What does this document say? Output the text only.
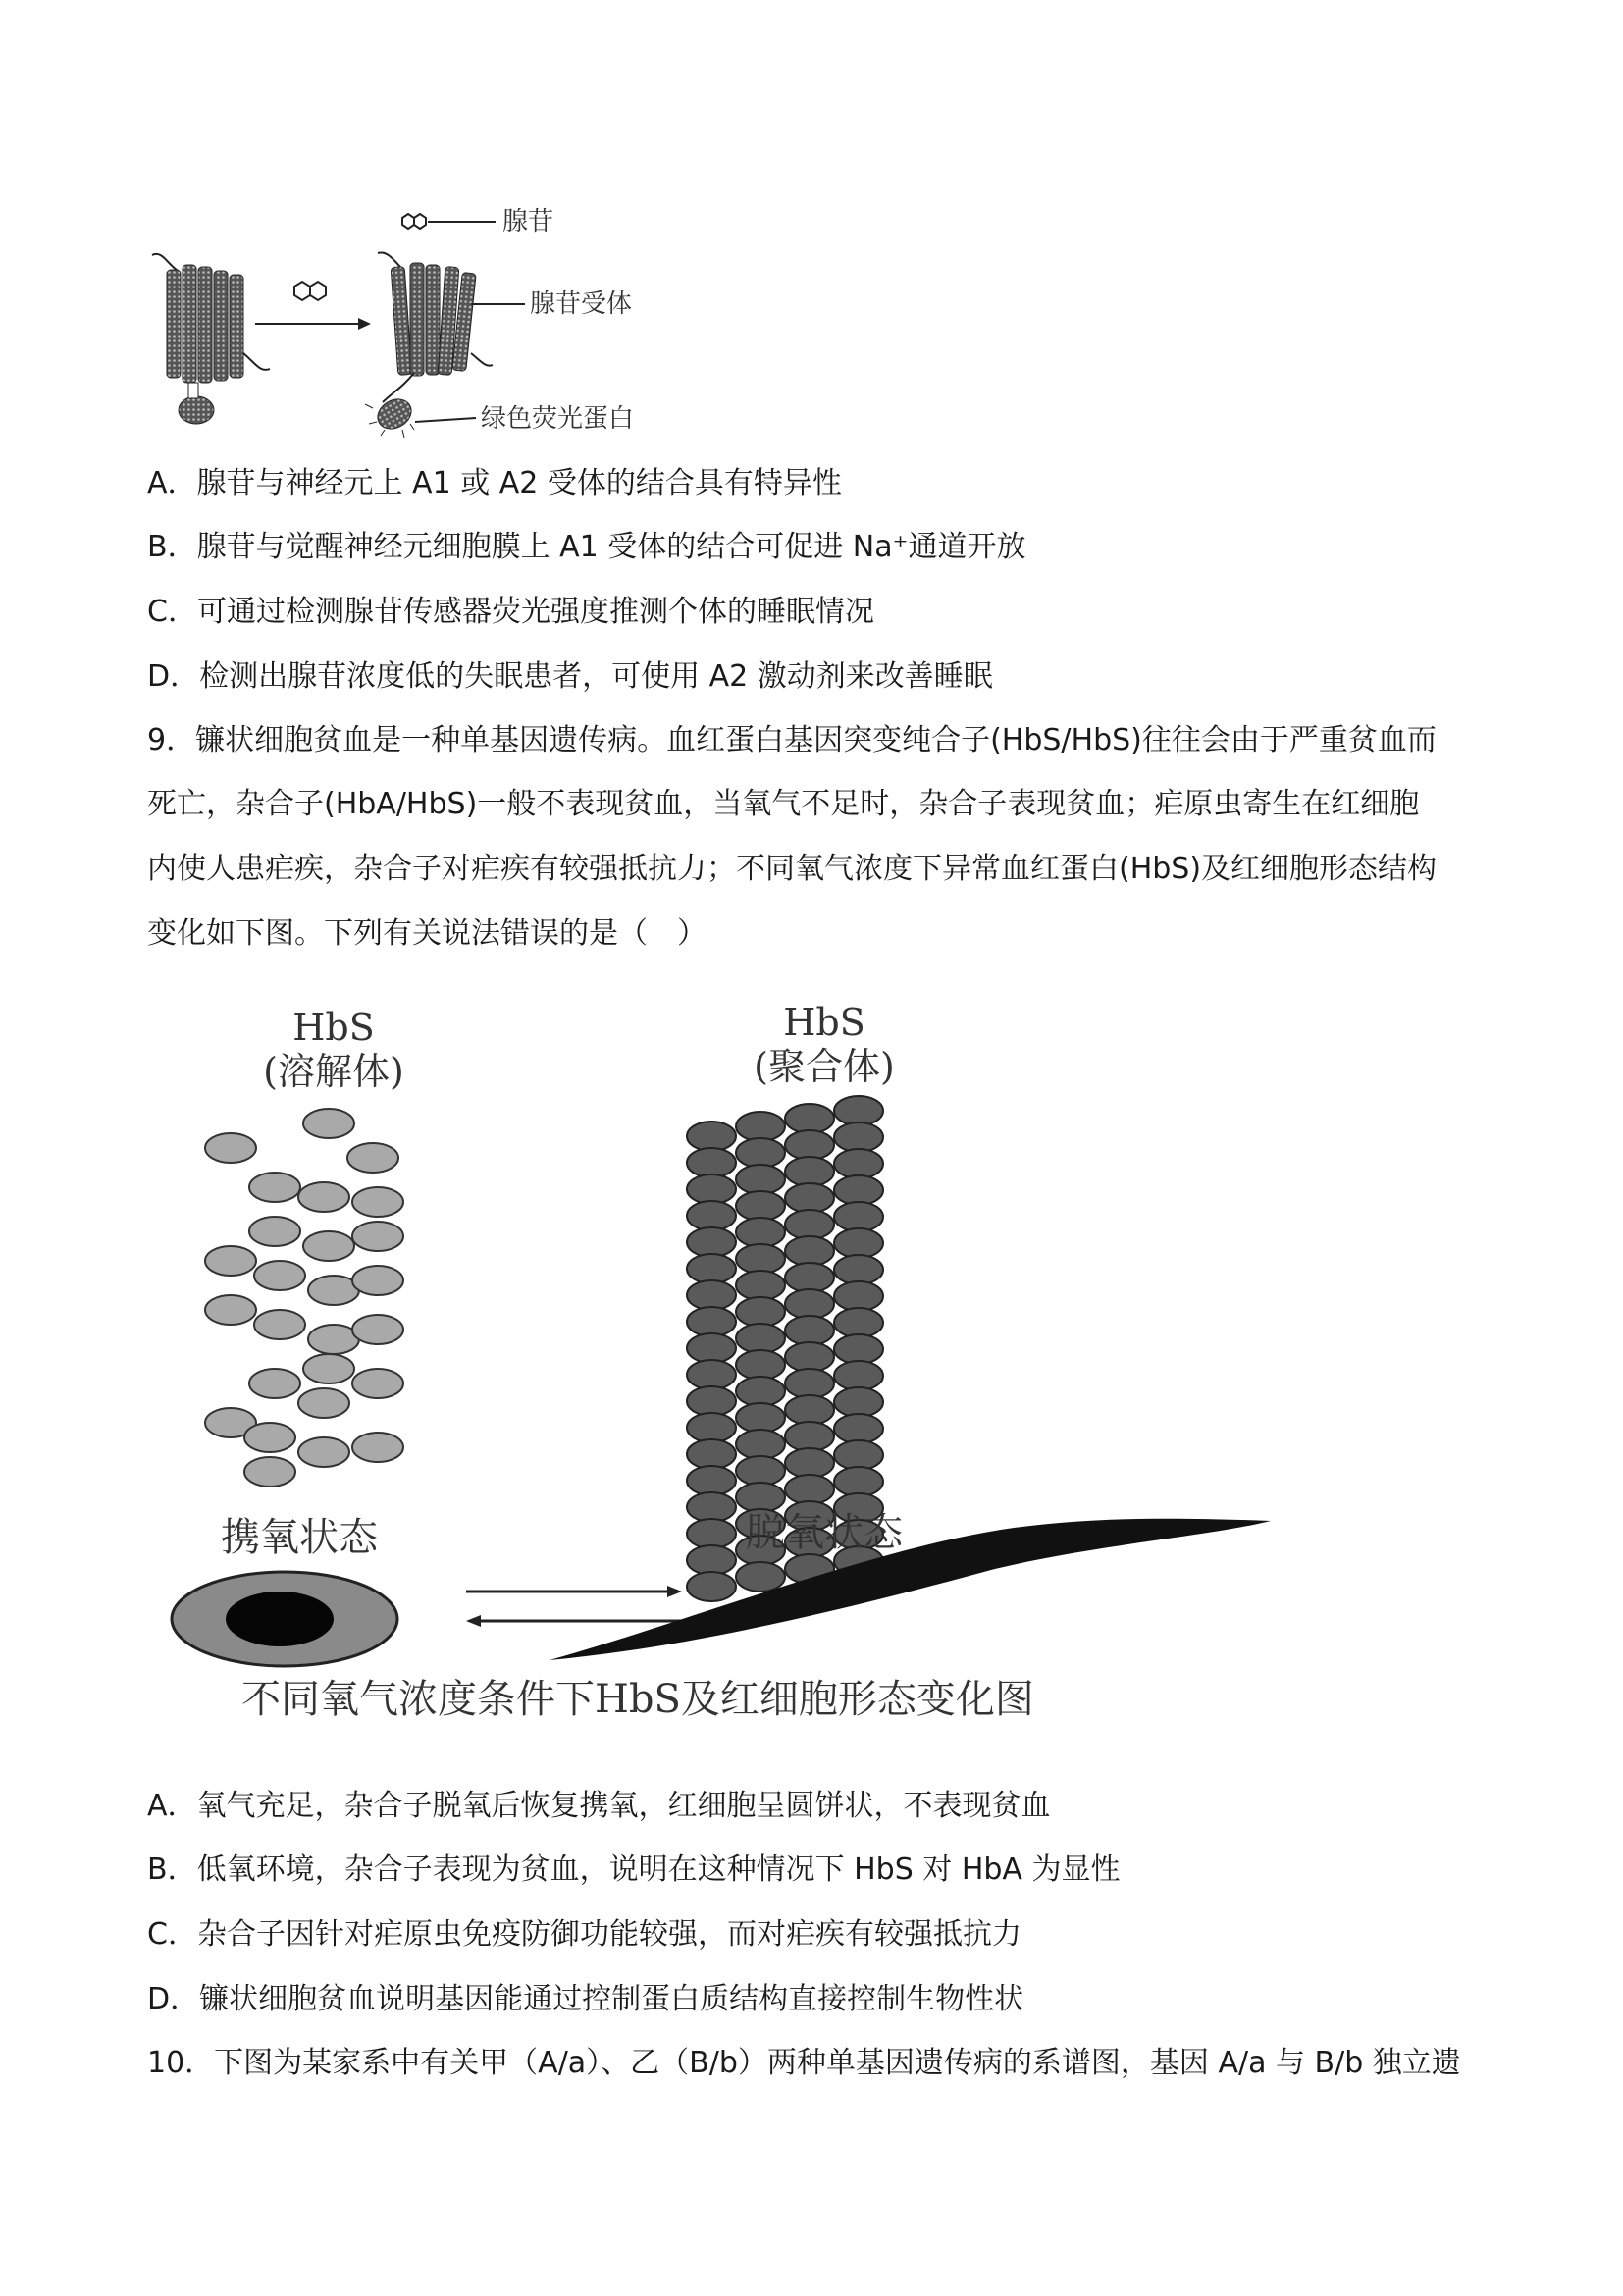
腺苷
腺苷受体
绿色荧光蛋白
A．腺苷与神经元上 A1 或 A2 受体的结合具有特异性
B．腺苷与觉醒神经元细胞膜上 A1 受体的结合可促进 Na⁺通道开放
C．可通过检测腺苷传感器荧光强度推测个体的睡眠情况
D．检测出腺苷浓度低的失眠患者，可使用 A2 激动剂来改善睡眠
9．镰状细胞贫血是一种单基因遗传病。血红蛋白基因突变纯合子(HbS/HbS)往往会由于严重贫血而
死亡，杂合子(HbA/HbS)一般不表现贫血，当氧气不足时，杂合子表现贫血；疟原虫寄生在红细胞
内使人患疟疾，杂合子对疟疾有较强抵抗力；不同氧气浓度下异常血红蛋白(HbS)及红细胞形态结构
变化如下图。下列有关说法错误的是（　）
HbS
(溶解体)
HbS
(聚合体)
携氧状态	脱氧状态
不同氧气浓度条件下HbS及红细胞形态变化图
A．氧气充足，杂合子脱氧后恢复携氧，红细胞呈圆饼状，不表现贫血
B．低氧环境，杂合子表现为贫血，说明在这种情况下 HbS 对 HbA 为显性
C．杂合子因针对疟原虫免疫防御功能较强，而对疟疾有较强抵抗力
D．镰状细胞贫血说明基因能通过控制蛋白质结构直接控制生物性状
10．下图为某家系中有关甲（A/a）、乙（B/b）两种单基因遗传病的系谱图，基因 A/a 与 B/b 独立遗
